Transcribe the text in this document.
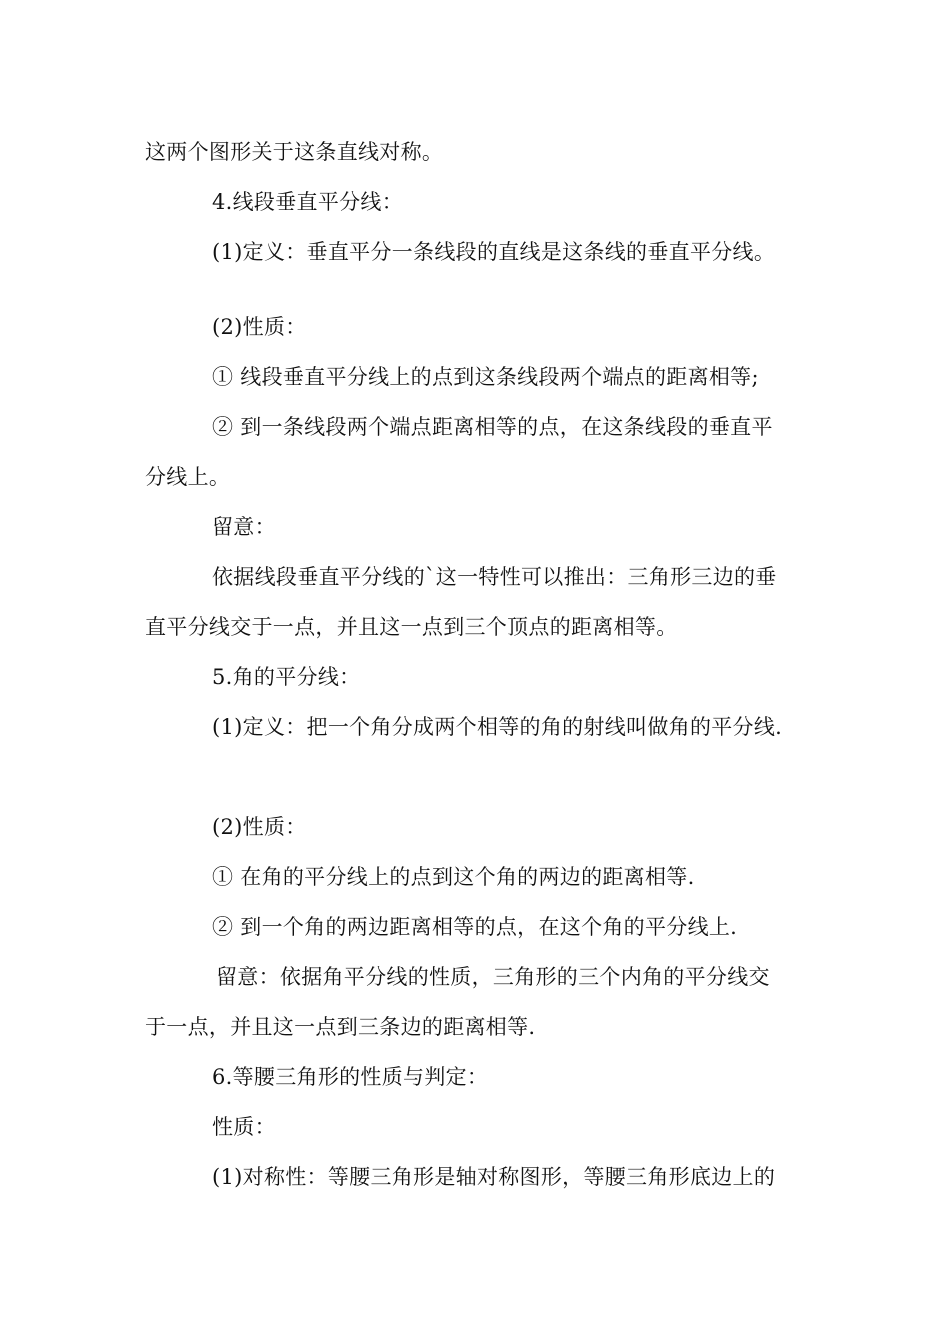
这两个图形关于这条直线对称。
4.线段垂直平分线：
(1)定义：垂直平分一条线段的直线是这条线的垂直平分线。
(2)性质：
① 线段垂直平分线上的点到这条线段两个端点的距离相等;
② 到一条线段两个端点距离相等的点，在这条线段的垂直平
分线上。
留意：
依据线段垂直平分线的`这一特性可以推出：三角形三边的垂
直平分线交于一点，并且这一点到三个顶点的距离相等。
5.角的平分线：
(1)定义：把一个角分成两个相等的角的射线叫做角的平分线.
(2)性质：
① 在角的平分线上的点到这个角的两边的距离相等.
② 到一个角的两边距离相等的点，在这个角的平分线上.
留意：依据角平分线的性质，三角形的三个内角的平分线交
于一点，并且这一点到三条边的距离相等.
6.等腰三角形的性质与判定：
性质：
(1)对称性：等腰三角形是轴对称图形，等腰三角形底边上的
